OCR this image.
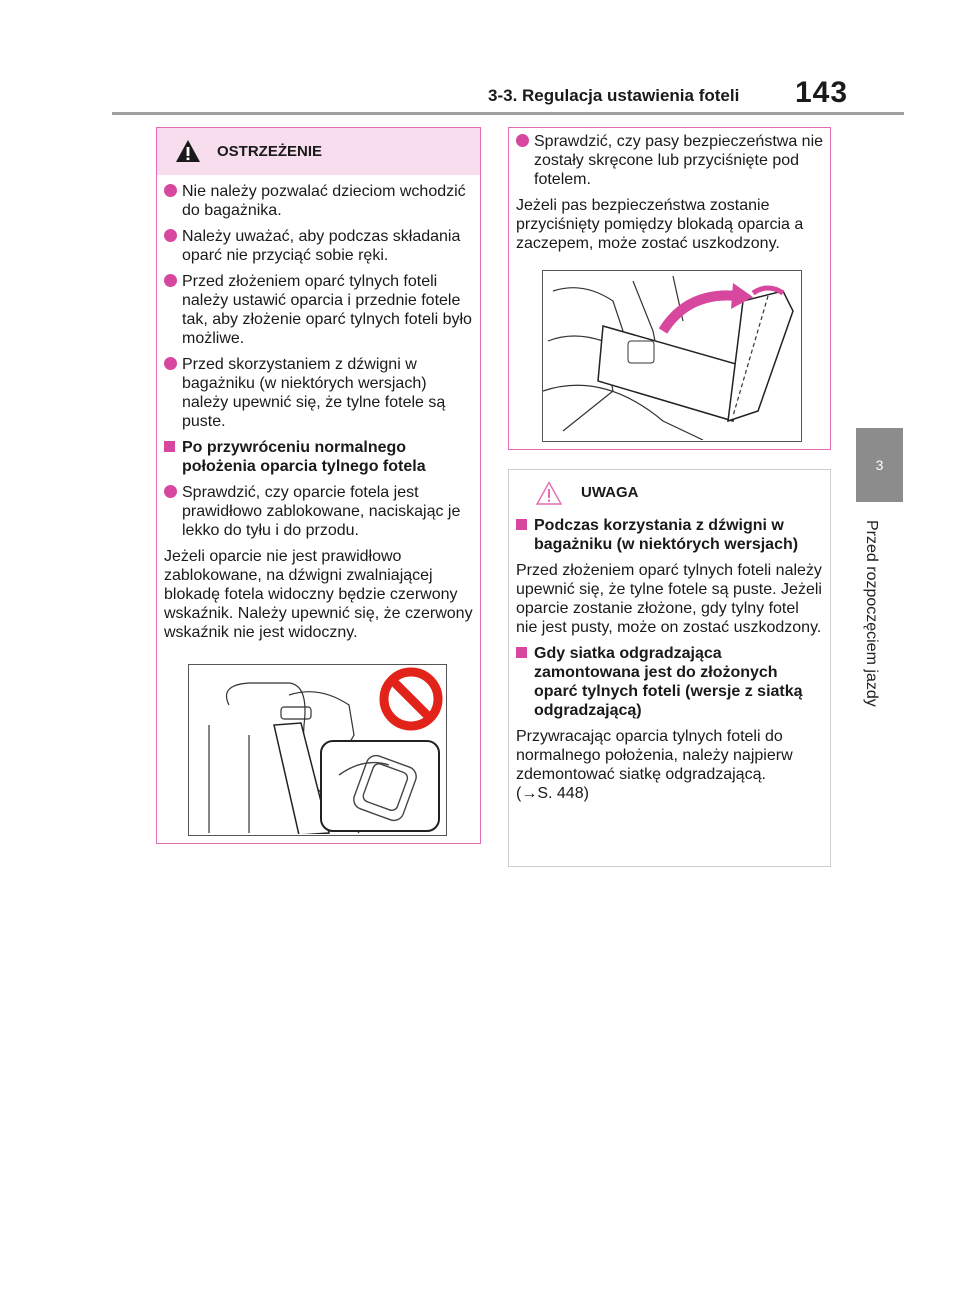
3-3. Regulacja ustawienia foteli 143
3
Przed rozpoczęciem jazdy
OSTRZEŻENIE
Nie należy pozwalać dzieciom wchodzić do bagażnika.
Należy uważać, aby podczas składania oparć nie przyciąć sobie ręki.
Przed złożeniem oparć tylnych foteli należy ustawić oparcia i przednie fotele tak, aby złożenie oparć tylnych foteli było możliwe.
Przed skorzystaniem z dźwigni w bagażniku (w niektórych wersjach) należy upewnić się, że tylne fotele są puste.
Po przywróceniu normalnego położenia oparcia tylnego fotela
Sprawdzić, czy oparcie fotela jest prawidłowo zablokowane, naciskając je lekko do tyłu i do przodu.
Jeżeli oparcie nie jest prawidłowo zablokowane, na dźwigni zwalniającej blokadę fotela widoczny będzie czerwony wskaźnik. Należy upewnić się, że czerwony wskaźnik nie jest widoczny.
Sprawdzić, czy pasy bezpieczeństwa nie zostały skręcone lub przyciśnięte pod fotelem.
Jeżeli pas bezpieczeństwa zostanie przyciśnięty pomiędzy blokadą oparcia a zaczepem, może zostać uszkodzony.
UWAGA
Podczas korzystania z dźwigni w bagażniku (w niektórych wersjach)
Przed złożeniem oparć tylnych foteli należy upewnić się, że tylne fotele są puste. Jeżeli oparcie zostanie złożone, gdy tylny fotel nie jest pusty, może on zostać uszkodzony.
Gdy siatka odgradzająca zamontowana jest do złożonych oparć tylnych foteli (wersje z siatką odgradzającą)
Przywracając oparcia tylnych foteli do normalnego położenia, należy najpierw zdemontować siatkę odgradzającą.
(→S. 448)
